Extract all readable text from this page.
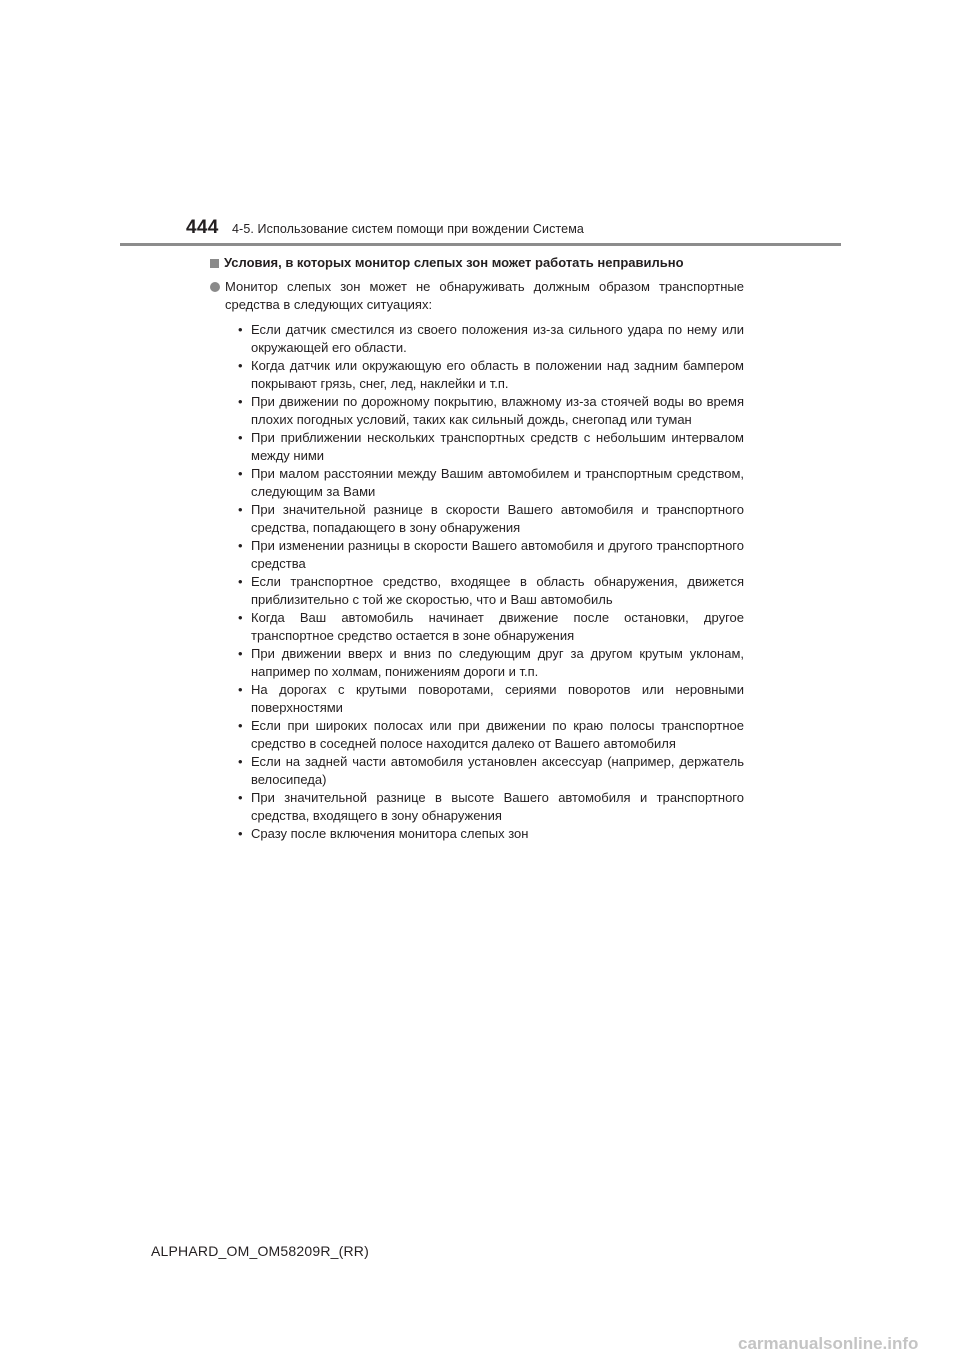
444 4-5. Использование систем помощи при вождении Система
Условия, в которых монитор слепых зон может работать неправильно
Монитор слепых зон может не обнаруживать должным образом транспортные средства в следующих ситуациях:
• Если датчик сместился из своего положения из-за сильного удара по нему или окружающей его области.
• Когда датчик или окружающую его область в положении над задним бампером покрывают грязь, снег, лед, наклейки и т.п.
• При движении по дорожному покрытию, влажному из-за стоячей воды во время плохих погодных условий, таких как сильный дождь, снегопад или туман
• При приближении нескольких транспортных средств с небольшим интервалом между ними
• При малом расстоянии между Вашим автомобилем и транспортным средством, следующим за Вами
• При значительной разнице в скорости Вашего автомобиля и транспортного средства, попадающего в зону обнаружения
• При изменении разницы в скорости Вашего автомобиля и другого транспортного средства
• Если транспортное средство, входящее в область обнаружения, движется приблизительно с той же скоростью, что и Ваш автомобиль
• Когда Ваш автомобиль начинает движение после остановки, другое транспортное средство остается в зоне обнаружения
• При движении вверх и вниз по следующим друг за другом крутым уклонам, например по холмам, понижениям дороги и т.п.
• На дорогах с крутыми поворотами, сериями поворотов или неровными поверхностями
• Если при широких полосах или при движении по краю полосы транспортное средство в соседней полосе находится далеко от Вашего автомобиля
• Если на задней части автомобиля установлен аксессуар (например, держатель велосипеда)
• При значительной разнице в высоте Вашего автомобиля и транспортного средства, входящего в зону обнаружения
• Сразу после включения монитора слепых зон
ALPHARD_OM_OM58209R_(RR)
carmanualsonline.info
